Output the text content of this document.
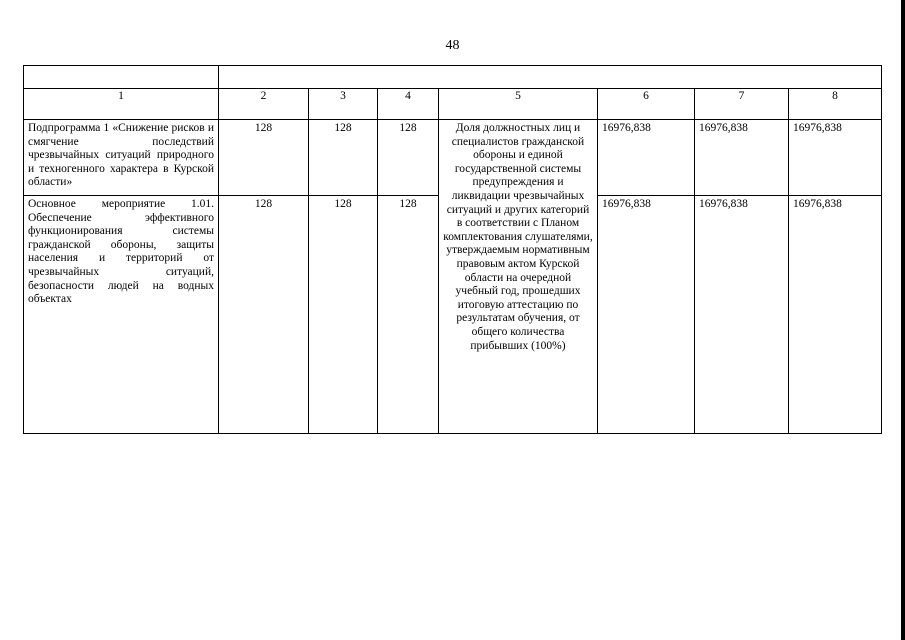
48

1	2	3	4	5	6	7	8
Подпрограмма 1 «Снижение рисков и смягчение последствий чрезвычайных ситуаций природного и техногенного характера в Курской области»	128	128	128	Доля должностных лиц и специалистов гражданской обороны и единой государственной системы предупреждения и ликвидации чрезвычайных ситуаций и других категорий в соответствии с Планом комплектования слушателями, утверждаемым нормативным правовым актом Курской области на очередной учебный год, прошедших итоговую аттестацию по результатам обучения, от общего количества прибывших (100%)	16976,838	16976,838	16976,838
Основное мероприятие 1.01. Обеспечение эффективного функционирования системы гражданской обороны, защиты населения и территорий от чрезвычайных ситуаций, безопасности людей на водных объектах	128	128	128		16976,838	16976,838	16976,838
